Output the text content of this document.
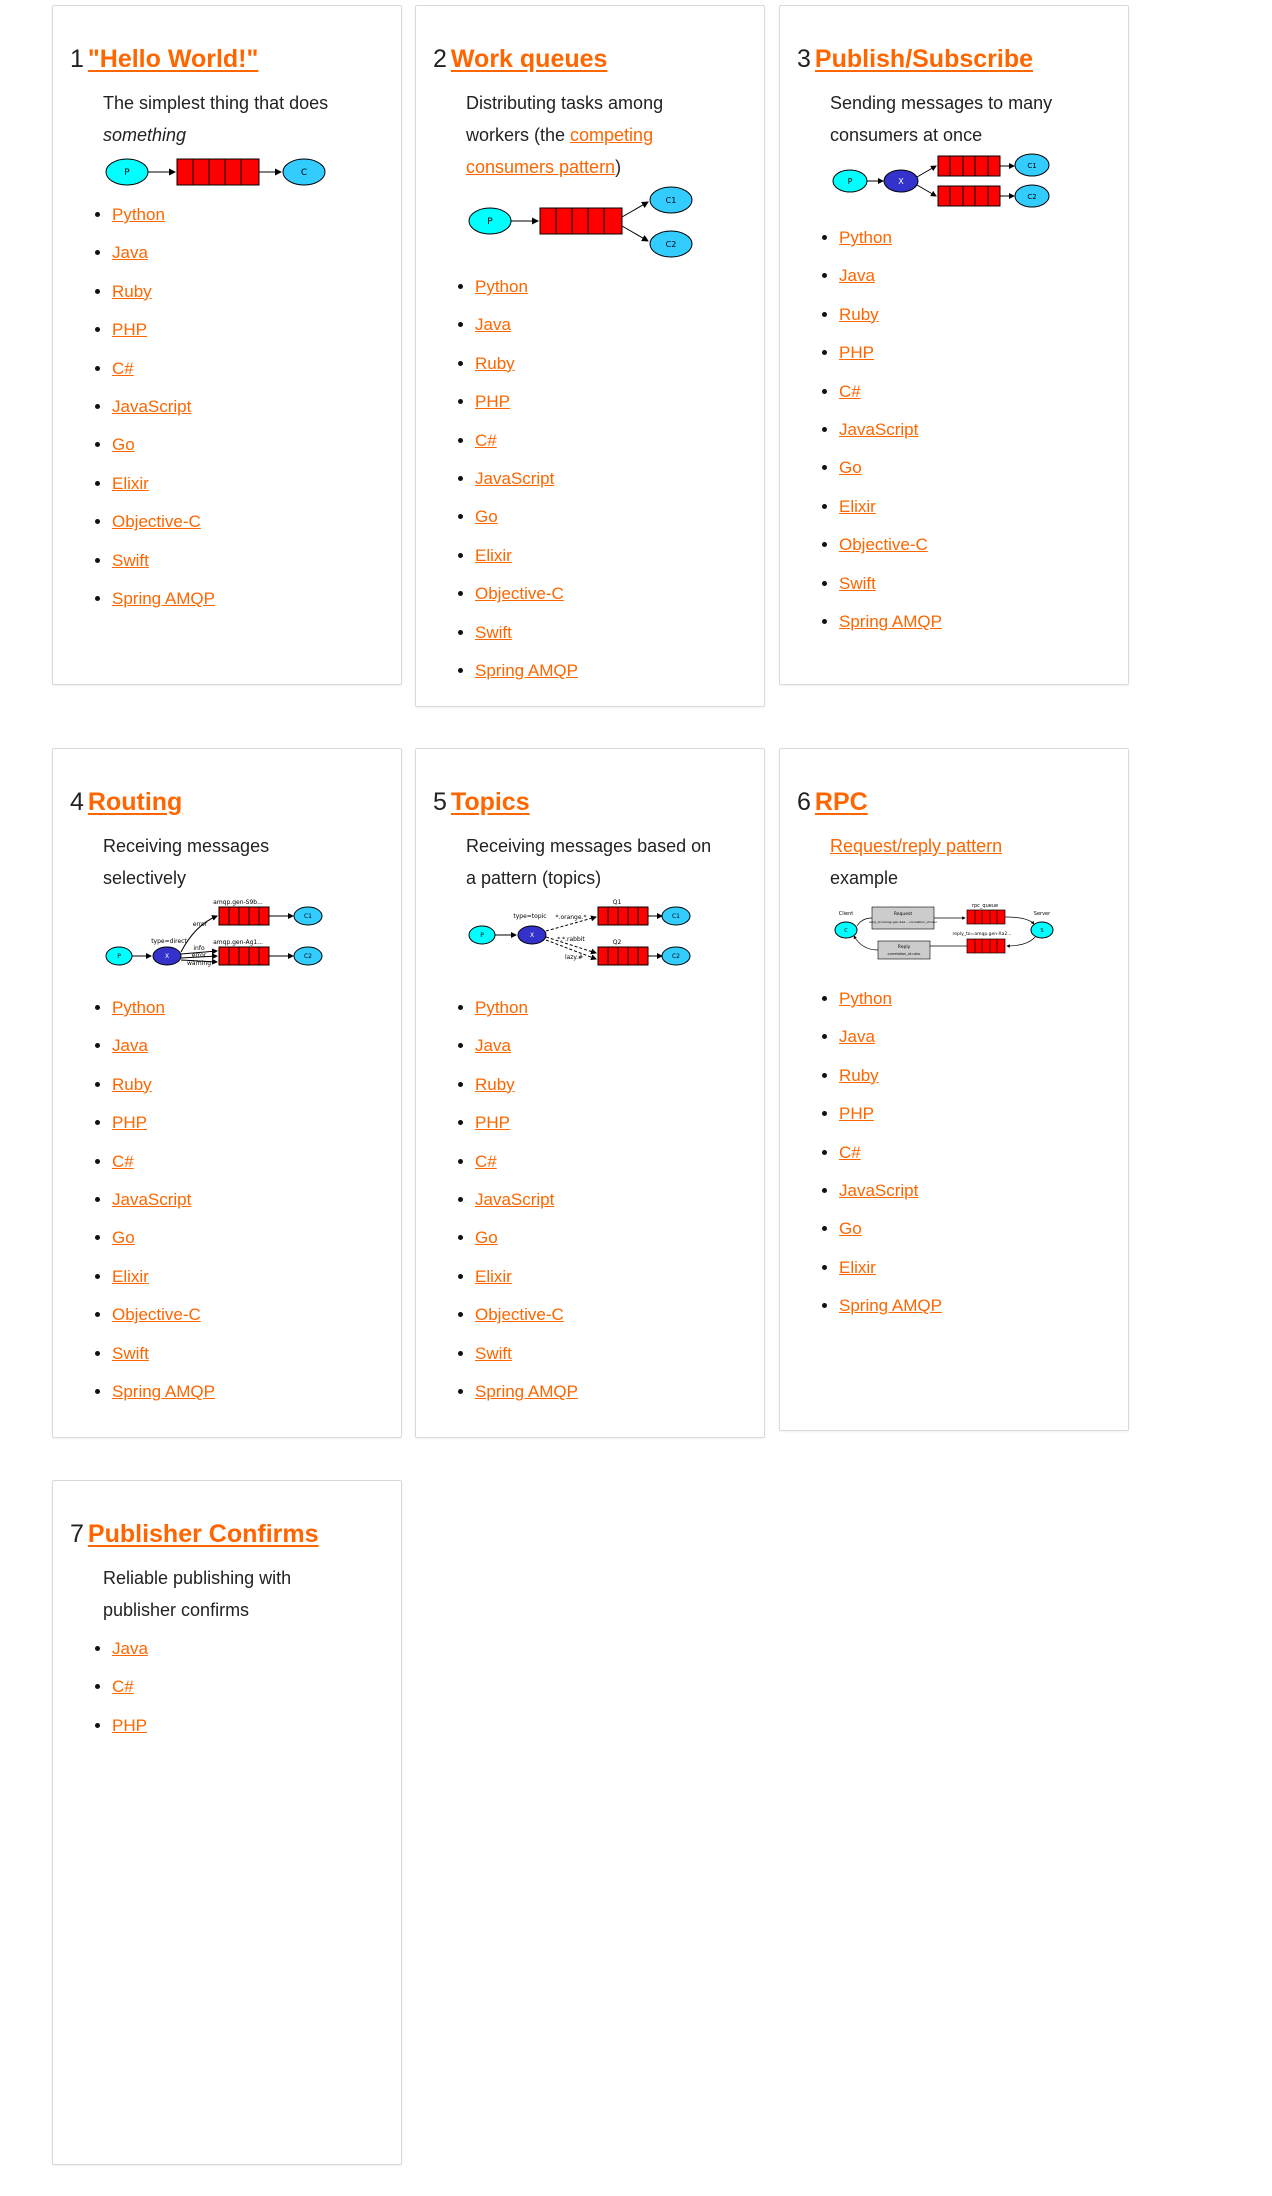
1 "Hello World!"
The simplest thing that does
something
P	C
• Python
• Java
• Ruby
• PHP
• C#
• JavaScript
• Go
• Elixir
• Objective-C
• Swift
• Spring AMQP
2 Work queues
Distributing tasks among workers (the competing consumers pattern)
P
C1
C2
• Python
• Java
• Ruby
• PHP
• C#
• JavaScript
• Go
• Elixir
• Objective-C
• Swift
• Spring AMQP
3 Publish/Subscribe
Sending messages to many consumers at once
P	X
C1
C2
• Python
• Java
• Ruby
• PHP
• C#
• JavaScript
• Go
• Elixir
• Objective-C
• Swift
• Spring AMQP
4 Routing
Receiving messages selectively
amqp.gen-S9b...
amqp.gen-Ag1...
type=direct
P	X
error
info
error
warning
C1
C2
• Python
• Java
• Ruby
• PHP
• C#
• JavaScript
• Go
• Elixir
• Objective-C
• Swift
• Spring AMQP
5 Topics
Receiving messages based on a pattern (topics)
Q1
Q2
type=topic
P	X
*.orange.*
*.*.rabbit
lazy.#
C1
C2
• Python
• Java
• Ruby
• PHP
• C#
• JavaScript
• Go
• Elixir
• Objective-C
• Swift
• Spring AMQP
6 RPC
Request/reply pattern
example
Client	Server
rpc_queue
C	S
Request
reply_to=amqp.gen-Xa2... correlation_id=abc
Reply
correlation_id=abc
reply_to=amqp.gen-Xa2...
• Python
• Java
• Ruby
• PHP
• C#
• JavaScript
• Go
• Elixir
• Spring AMQP
7 Publisher Confirms
Reliable publishing with publisher confirms
• Java
• C#
• PHP
